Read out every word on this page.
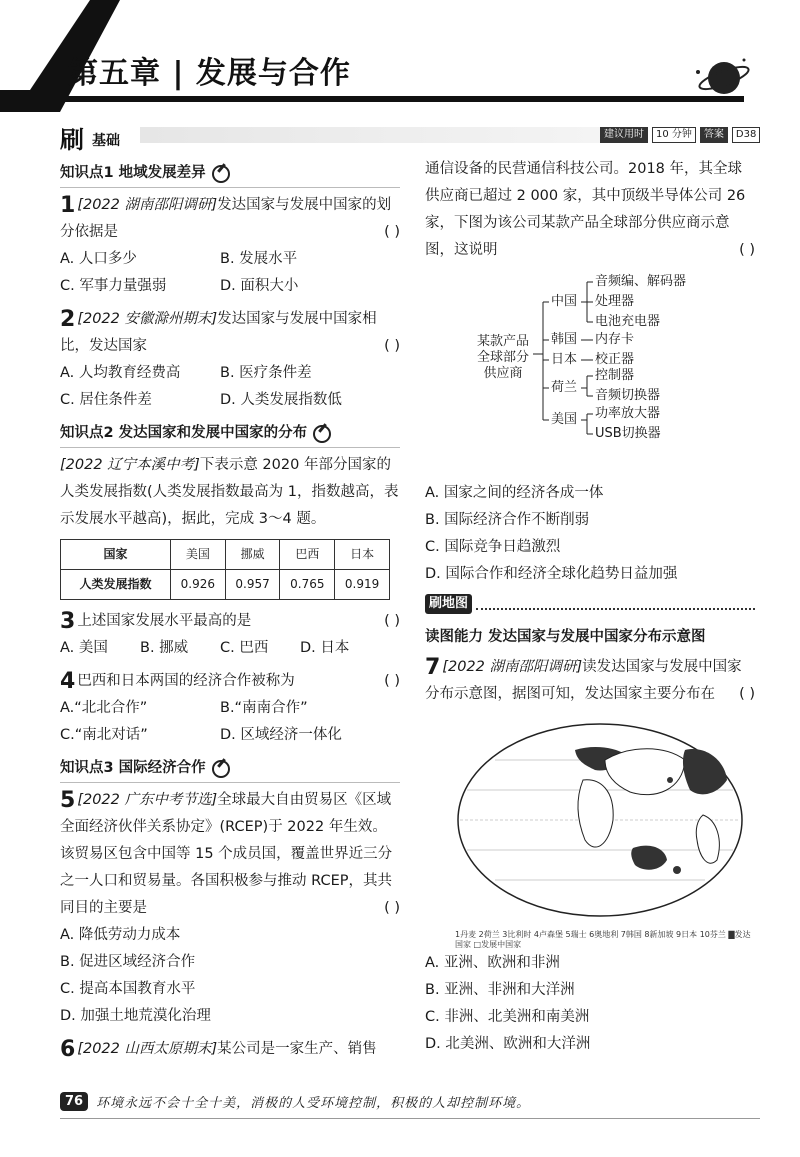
第五章 | 发展与合作
刷 基础	建议用时	10 分钟	答案	D38
知识点1 地域发展差异
1 [2022 湖南邵阳调研]发达国家与发展中国家的划分依据是	( )
A. 人口多少	B. 发展水平
C. 军事力量强弱	D. 面积大小
2 [2022 安徽滁州期末]发达国家与发展中国家相比，发达国家	( )
A. 人均教育经费高	B. 医疗条件差
C. 居住条件差	D. 人类发展指数低
知识点2 发达国家和发展中国家的分布
[2022 辽宁本溪中考]下表示意 2020 年部分国家的人类发展指数(人类发展指数最高为 1，指数越高，表示发展水平越高)，据此，完成 3～4 题。
国家	美国	挪威	巴西	日本
人类发展指数	0.926	0.957	0.765	0.919
3 上述国家发展水平最高的是	( )
A. 美国	B. 挪威	C. 巴西	D. 日本
4 巴西和日本两国的经济合作被称为	( )
A.“北北合作”	B.“南南合作”
C.“南北对话”	D. 区域经济一体化
知识点3 国际经济合作
5 [2022 广东中考节选]全球最大自由贸易区《区域全面经济伙伴关系协定》(RCEP)于 2022 年生效。该贸易区包含中国等 15 个成员国，覆盖世界近三分之一人口和贸易量。各国积极参与推动 RCEP，其共同目的主要是	( )
A. 降低劳动力成本
B. 促进区域经济合作
C. 提高本国教育水平
D. 加强土地荒漠化治理
6 [2022 山西太原期末]某公司是一家生产、销售
通信设备的民营通信科技公司。2018 年，其全球供应商已超过 2 000 家，其中顶级半导体公司 26 家，下图为该公司某款产品全球部分供应商示意图，这说明	( )
某款产品全球部分供应商
中国
韩国
日本
荷兰
美国
音频编、解码器
处理器
电池充电器
内存卡
校正器
控制器
音频切换器
功率放大器
USB切换器
A. 国家之间的经济各成一体
B. 国际经济合作不断削弱
C. 国际竞争日趋激烈
D. 国际合作和经济全球化趋势日益加强
刷地图
读图能力 发达国家与发展中国家分布示意图
7 [2022 湖南邵阳调研]读发达国家与发展中国家分布示意图，据图可知，发达国家主要分布在 ( )
1丹麦 2荷兰 3比利时 4卢森堡 5瑞士 6奥地利 7韩国 8新加坡 9日本 10芬兰 ▇发达国家 □发展中国家
A. 亚洲、欧洲和非洲
B. 亚洲、非洲和大洋洲
C. 非洲、北美洲和南美洲
D. 北美洲、欧洲和大洋洲
76	环境永远不会十全十美，消极的人受环境控制，积极的人却控制环境。
